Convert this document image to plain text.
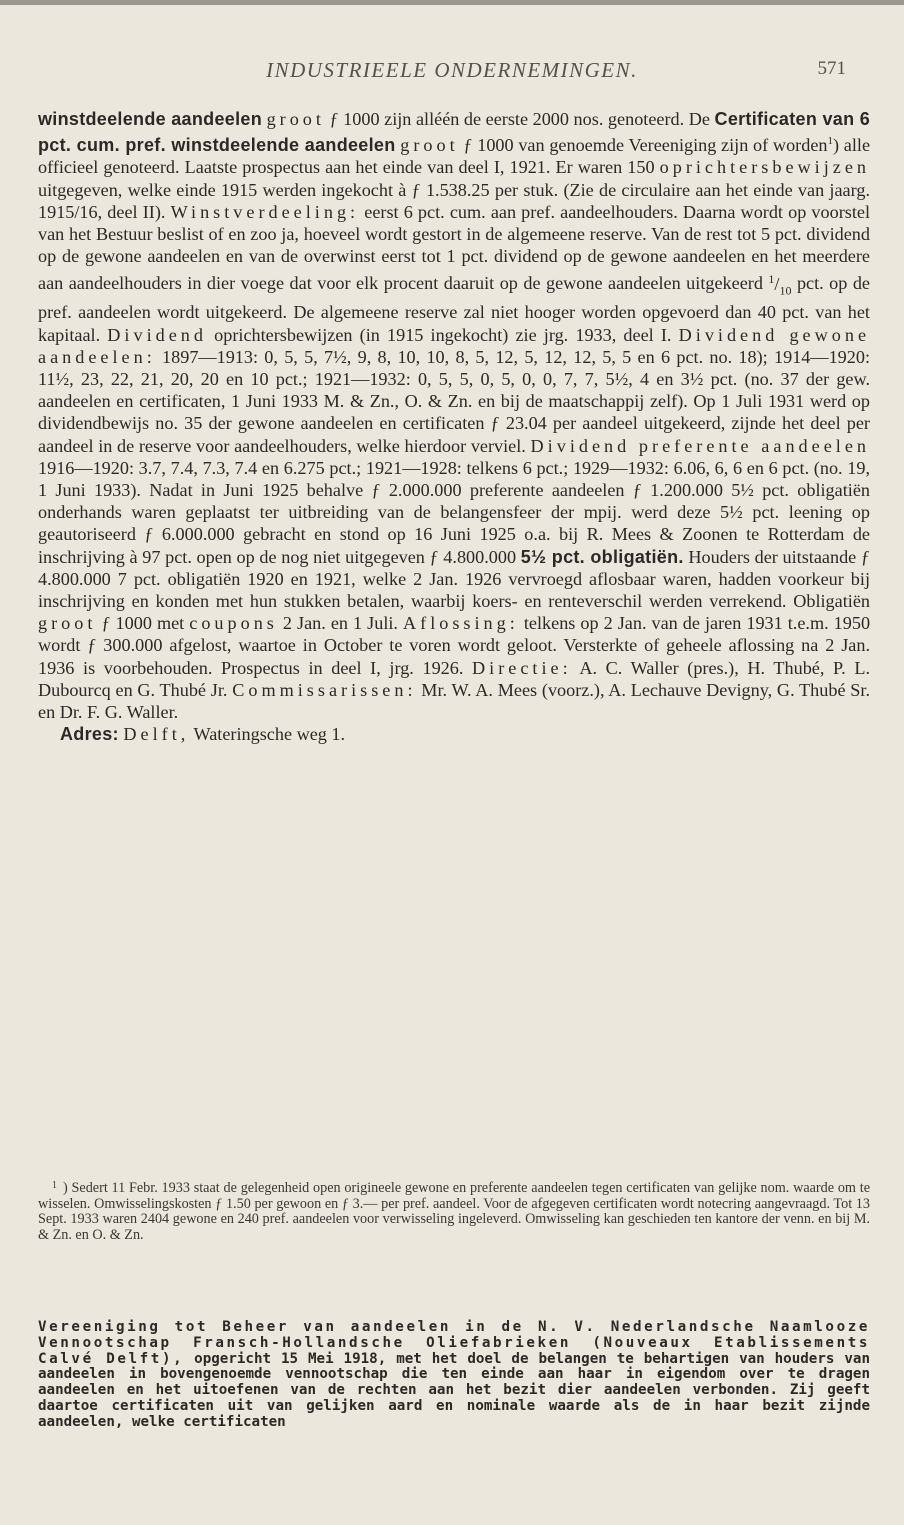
INDUSTRIEELE ONDERNEMINGEN.	571

winstdeelende aandeelen groot ƒ 1000 zijn alléén de eerste 2000 nos. genoteerd. De Certificaten van 6 pct. cum. pref. winstdeelende aandeelen groot ƒ 1000 van genoemde Vereeniging zijn of worden$^1$) alle officieel genoteerd. Laatste prospectus aan het einde van deel I, 1921. Er waren 150 oprichtersbewijzen uitgegeven, welke einde 1915 werden ingekocht à ƒ 1.538.25 per stuk. (Zie de circulaire aan het einde van jaarg. 1915/16, deel II). Winstverdeeling: eerst 6 pct. cum. aan pref. aandeelhouders. Daarna wordt op voorstel van het Bestuur beslist of en zoo ja, hoeveel wordt gestort in de algemeene reserve. Van de rest tot 5 pct. dividend op de gewone aandeelen en van de overwinst eerst tot 1 pct. dividend op de gewone aandeelen en het meerdere aan aandeelhouders in dier voege dat voor elk procent daaruit op de gewone aandeelen uitgekeerd $^1/_{10}$ pct. op de pref. aandeelen wordt uitgekeerd. De algemeene reserve zal niet hooger worden opgevoerd dan 40 pct. van het kapitaal. Dividend oprichtersbewijzen (in 1915 ingekocht) zie jrg. 1933, deel I. Dividend gewone aandeelen: 1897—1913: 0, 5, 5, 7½, 9, 8, 10, 10, 8, 5, 12, 5, 12, 12, 5, 5 en 6 pct. no. 18); 1914—1920: 11½, 23, 22, 21, 20, 20 en 10 pct.; 1921—1932: 0, 5, 5, 0, 5, 0, 0, 7, 7, 5½, 4 en 3½ pct. (no. 37 der gew. aandeelen en certificaten, 1 Juni 1933 M. & Zn., O. & Zn. en bij de maatschappij zelf). Op 1 Juli 1931 werd op dividendbewijs no. 35 der gewone aandeelen en certificaten ƒ 23.04 per aandeel uitgekeerd, zijnde het deel per aandeel in de reserve voor aandeelhouders, welke hierdoor verviel. Dividend preferente aandeelen 1916—1920: 3.7, 7.4, 7.3, 7.4 en 6.275 pct.; 1921—1928: telkens 6 pct.; 1929—1932: 6.06, 6, 6 en 6 pct. (no. 19, 1 Juni 1933). Nadat in Juni 1925 behalve ƒ 2.000.000 preferente aandeelen ƒ 1.200.000 5½ pct. obligatiën onderhands waren geplaatst ter uitbreiding van de belangensfeer der mpij. werd deze 5½ pct. leening op geautoriseerd ƒ 6.000.000 gebracht en stond op 16 Juni 1925 o.a. bij R. Mees & Zoonen te Rotterdam de inschrijving à 97 pct. open op de nog niet uitgegeven ƒ 4.800.000 5½ pct. obligatiën. Houders der uitstaande ƒ 4.800.000 7 pct. obligatiën 1920 en 1921, welke 2 Jan. 1926 vervroegd aflosbaar waren, hadden voorkeur bij inschrijving en konden met hun stukken betalen, waarbij koers- en renteverschil werden verrekend. Obligatiën groot ƒ 1000 met coupons 2 Jan. en 1 Juli. Aflossing: telkens op 2 Jan. van de jaren 1931 t.e.m. 1950 wordt ƒ 300.000 afgelost, waartoe in October te voren wordt geloot. Versterkte of geheele aflossing na 2 Jan. 1936 is voorbehouden. Prospectus in deel I, jrg. 1926. Directie: A. C. Waller (pres.), H. Thubé, P. L. Dubourcq en G. Thubé Jr. Commissarissen: Mr. W. A. Mees (voorz.), A. Lechauve Devigny, G. Thubé Sr. en Dr. F. G. Waller.

Adres: Delft, Wateringsche weg 1.

$^1$ ) Sedert 11 Febr. 1933 staat de gelegenheid open origineele gewone en preferente aandeelen tegen certificaten van gelijke nom. waarde om te wisselen. Omwisselingskosten ƒ 1.50 per gewoon en ƒ 3.— per pref. aandeel. Voor de afgegeven certificaten wordt notecring aangevraagd. Tot 13 Sept. 1933 waren 2404 gewone en 240 pref. aandeelen voor verwisseling ingeleverd. Omwisseling kan geschieden ten kantore der venn. en bij M. & Zn. en O. & Zn.
Vereeniging tot Beheer van aandeelen in de N. V. Nederlandsche Naamlooze Vennootschap Fransch-Hollandsche Oliefabrieken (Nouveaux Etablissements Calvé Delft), opgericht 15 Mei 1918, met het doel de belangen te behartigen van houders van aandeelen in bovengenoemde vennootschap die ten einde aan haar in eigendom over te dragen aandeelen en het uitoefenen van de rechten aan het bezit dier aandeelen verbonden. Zij geeft daartoe certificaten uit van gelijken aard en nominale waarde als de in haar bezit zijnde aandeelen, welke certificaten
